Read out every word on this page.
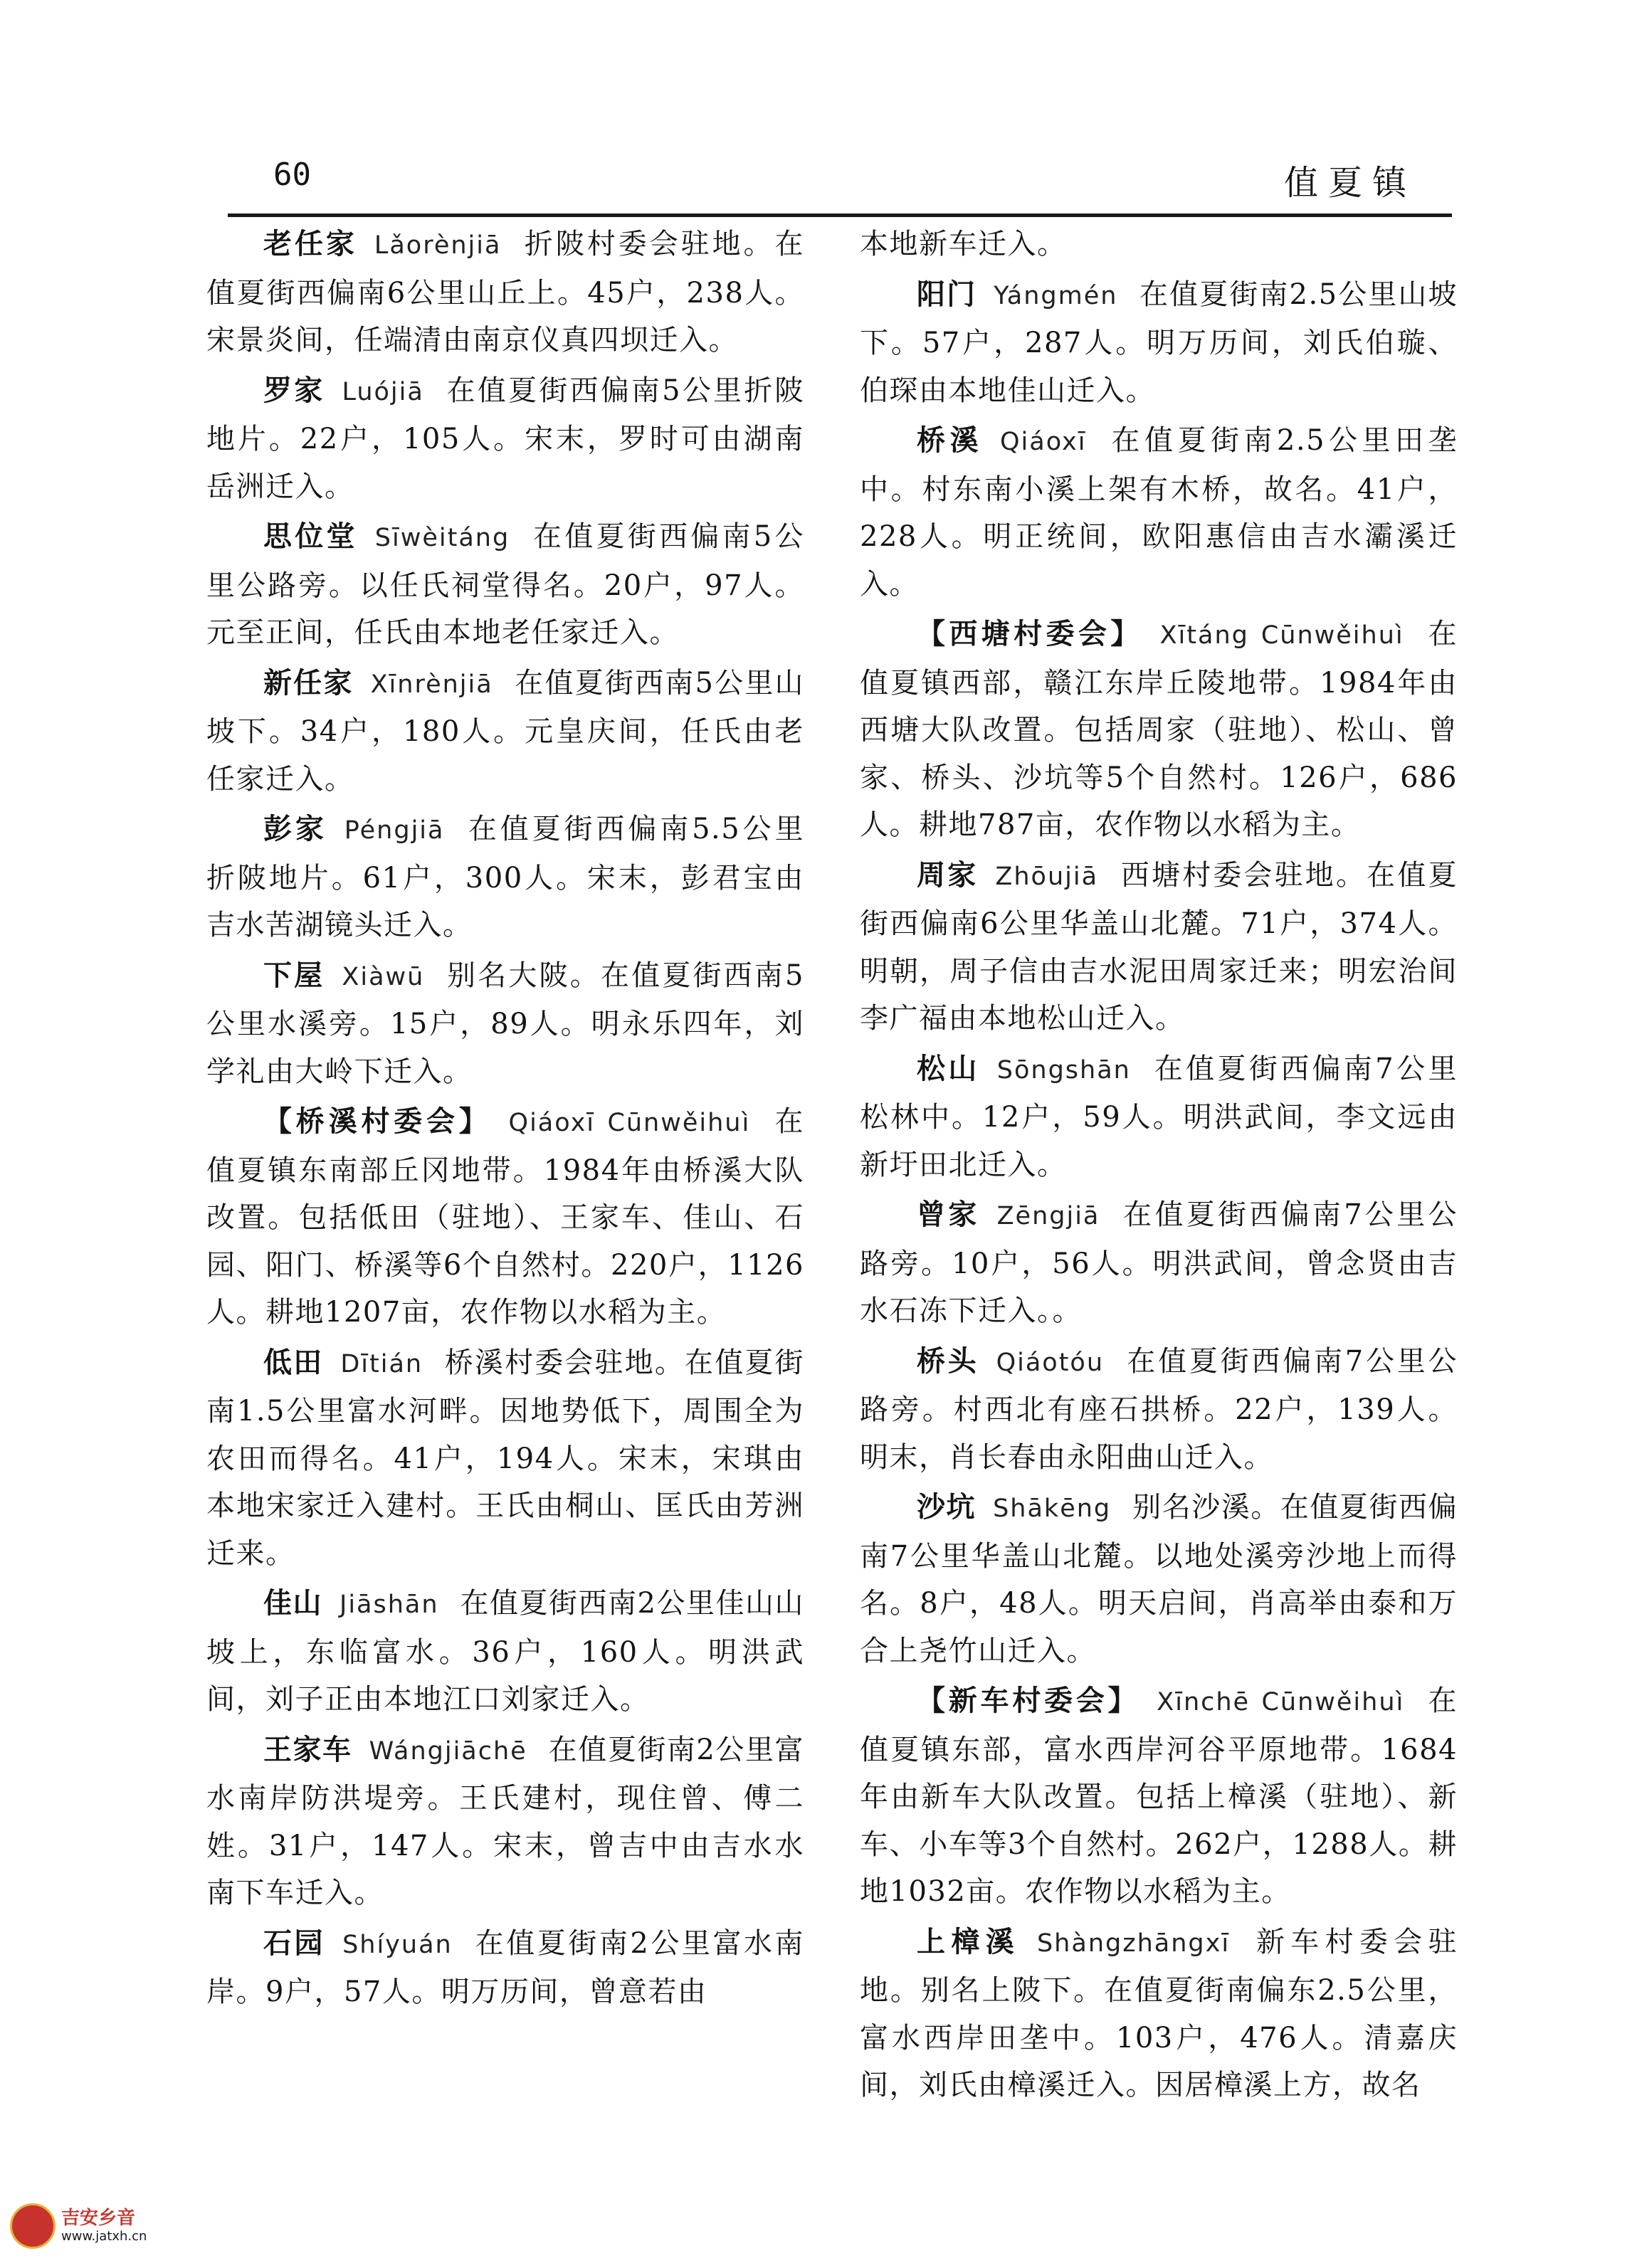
60	值夏镇

老任家 Lǎorènjiā 折陂村委会驻地。在值夏街西偏南6公里山丘上。45户，238人。宋景炎间，任端清由南京仪真四坝迁入。

罗家 Luójiā 在值夏街西偏南5公里折陂地片。22户，105人。宋末，罗时可由湖南岳洲迁入。

思位堂 Sīwèitáng 在值夏街西偏南5公里公路旁。以任氏祠堂得名。20户，97人。元至正间，任氏由本地老任家迁入。

新任家 Xīnrènjiā 在值夏街西南5公里山坡下。34户，180人。元皇庆间，任氏由老任家迁入。

彭家 Péngjiā 在值夏街西偏南5.5公里折陂地片。61户，300人。宋末，彭君宝由吉水苦湖镜头迁入。

下屋 Xiàwū 别名大陂。在值夏街西南5公里水溪旁。15户，89人。明永乐四年，刘学礼由大岭下迁入。

【桥溪村委会】 Qiáoxī Cūnwěihuì 在值夏镇东南部丘冈地带。1984年由桥溪大队改置。包括低田（驻地）、王家车、佳山、石园、阳门、桥溪等6个自然村。220户，1126人。耕地1207亩，农作物以水稻为主。

低田 Dītián 桥溪村委会驻地。在值夏街南1.5公里富水河畔。因地势低下，周围全为农田而得名。41户，194人。宋末，宋琪由本地宋家迁入建村。王氏由桐山、匡氏由芳洲迁来。

佳山 Jiāshān 在值夏街西南2公里佳山山坡上，东临富水。36户，160人。明洪武间，刘子正由本地江口刘家迁入。

王家车 Wángjiāchē 在值夏街南2公里富水南岸防洪堤旁。王氏建村，现住曾、傅二姓。31户，147人。宋末，曾吉中由吉水水南下车迁入。

石园 Shíyuán 在值夏街南2公里富水南岸。9户，57人。明万历间，曾意若由

本地新车迁入。

阳门 Yángmén 在值夏街南2.5公里山坡下。57户，287人。明万历间，刘氏伯璇、伯琛由本地佳山迁入。

桥溪 Qiáoxī 在值夏街南2.5公里田垄中。村东南小溪上架有木桥，故名。41户，228人。明正统间，欧阳惠信由吉水灞溪迁入。

【西塘村委会】 Xītáng Cūnwěihuì 在值夏镇西部，赣江东岸丘陵地带。1984年由西塘大队改置。包括周家（驻地）、松山、曾家、桥头、沙坑等5个自然村。126户，686人。耕地787亩，农作物以水稻为主。

周家 Zhōujiā 西塘村委会驻地。在值夏街西偏南6公里华盖山北麓。71户，374人。明朝，周子信由吉水泥田周家迁来；明宏治间李广福由本地松山迁入。

松山 Sōngshān 在值夏街西偏南7公里松林中。12户，59人。明洪武间，李文远由新圩田北迁入。

曾家 Zēngjiā 在值夏街西偏南7公里公路旁。10户，56人。明洪武间，曾念贤由吉水石冻下迁入。。

桥头 Qiáotóu 在值夏街西偏南7公里公路旁。村西北有座石拱桥。22户，139人。明末，肖长春由永阳曲山迁入。

沙坑 Shākēng 别名沙溪。在值夏街西偏南7公里华盖山北麓。以地处溪旁沙地上而得名。8户，48人。明天启间，肖高举由泰和万合上尧竹山迁入。

【新车村委会】 Xīnchē Cūnwěihuì 在值夏镇东部，富水西岸河谷平原地带。1684年由新车大队改置。包括上樟溪（驻地）、新车、小车等3个自然村。262户，1288人。耕地1032亩。农作物以水稻为主。

上樟溪 Shàngzhāngxī 新车村委会驻地。别名上陂下。在值夏街南偏东2.5公里，富水西岸田垄中。103户，476人。清嘉庆间，刘氏由樟溪迁入。因居樟溪上方，故名

吉安乡音
www.jatxh.cn
